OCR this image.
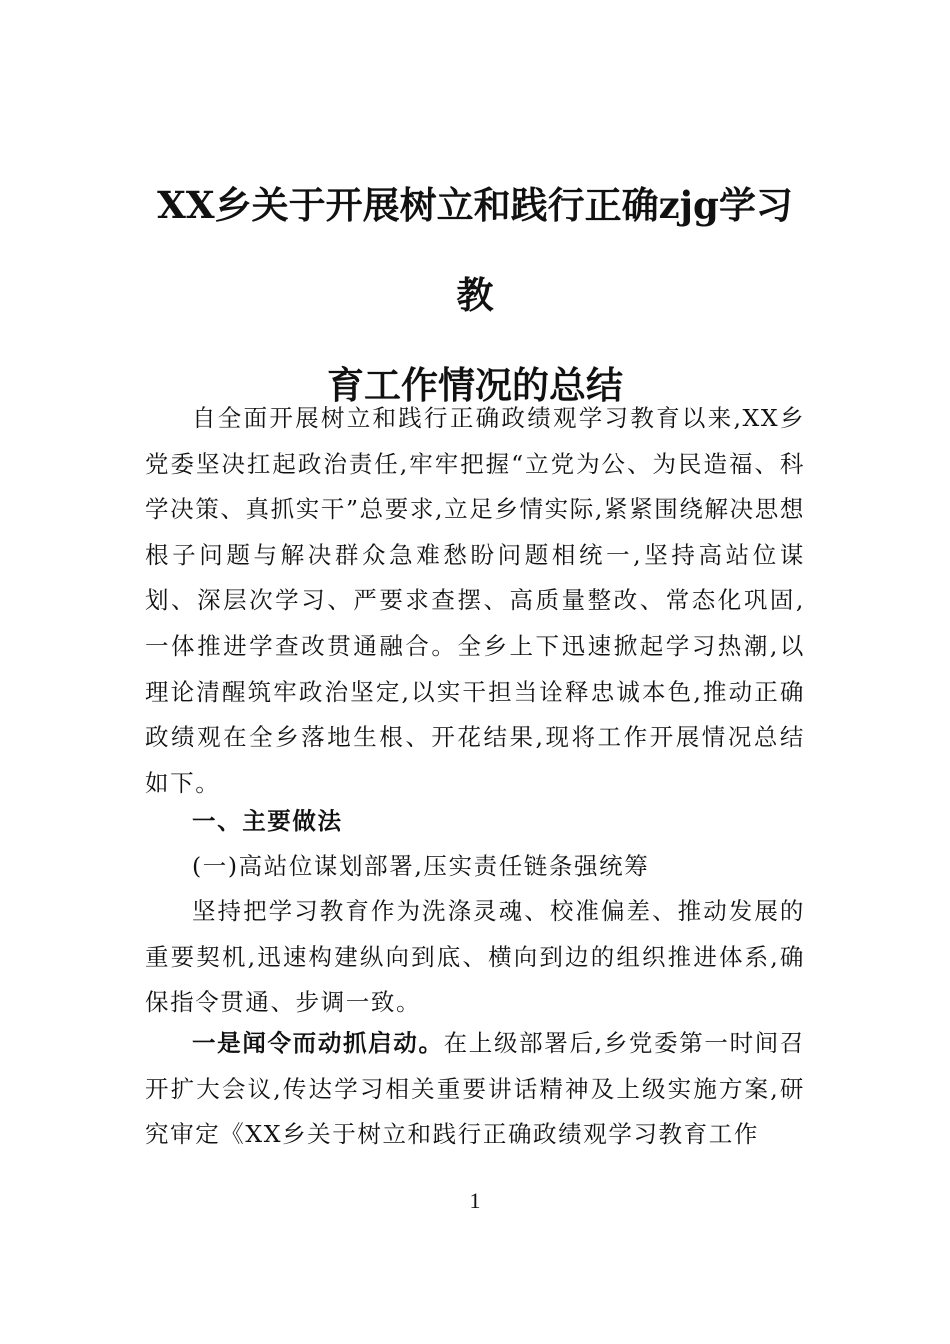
XX乡关于开展树立和践行正确zjg学习教
育工作情况的总结

自全面开展树立和践行正确政绩观学习教育以来,XX乡党委坚决扛起政治责任,牢牢把握“立党为公、为民造福、科学决策、真抓实干”总要求,立足乡情实际,紧紧围绕解决思想根子问题与解决群众急难愁盼问题相统一,坚持高站位谋划、深层次学习、严要求查摆、高质量整改、常态化巩固,一体推进学查改贯通融合。全乡上下迅速掀起学习热潮,以理论清醒筑牢政治坚定,以实干担当诠释忠诚本色,推动正确政绩观在全乡落地生根、开花结果,现将工作开展情况总结如下。

一、主要做法

(一)高站位谋划部署,压实责任链条强统筹

坚持把学习教育作为洗涤灵魂、校准偏差、推动发展的重要契机,迅速构建纵向到底、横向到边的组织推进体系,确保指令贯通、步调一致。

一是闻令而动抓启动。在上级部署后,乡党委第一时间召开扩大会议,传达学习相关重要讲话精神及上级实施方案,研究审定《XX乡关于树立和践行正确政绩观学习教育工作

1
